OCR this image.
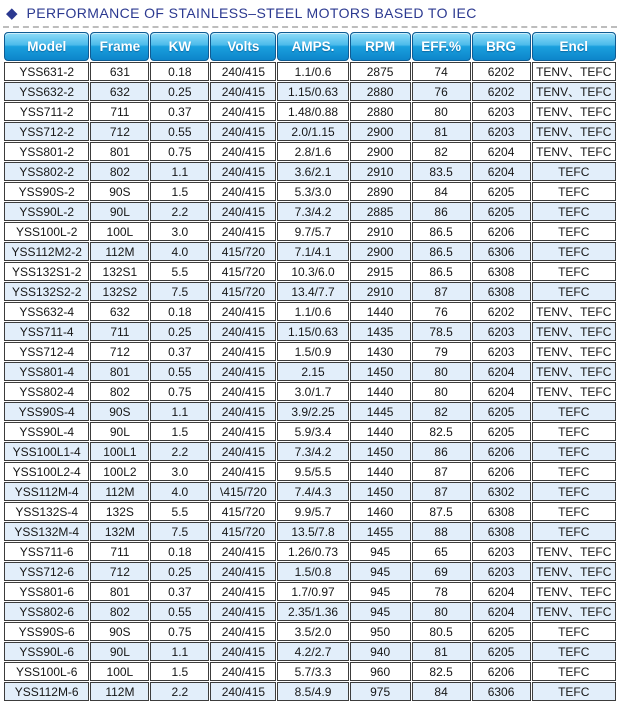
◆ PERFORMANCE OF STAINLESS–STEEL MOTORS BASED TO IEC
Model	Frame	KW	Volts	AMPS.	RPM	EFF.%	BRG	Encl
YSS631-2	631	0.18	240/415	1.1/0.6	2875	74	6202	TENV、TEFC
YSS632-2	632	0.25	240/415	1.15/0.63	2880	76	6202	TENV、TEFC
YSS711-2	711	0.37	240/415	1.48/0.88	2880	80	6203	TENV、TEFC
YSS712-2	712	0.55	240/415	2.0/1.15	2900	81	6203	TENV、TEFC
YSS801-2	801	0.75	240/415	2.8/1.6	2900	82	6204	TENV、TEFC
YSS802-2	802	1.1	240/415	3.6/2.1	2910	83.5	6204	TEFC
YSS90S-2	90S	1.5	240/415	5.3/3.0	2890	84	6205	TEFC
YSS90L-2	90L	2.2	240/415	7.3/4.2	2885	86	6205	TEFC
YSS100L-2	100L	3.0	240/415	9.7/5.7	2910	86.5	6206	TEFC
YSS112M2-2	112M	4.0	415/720	7.1/4.1	2900	86.5	6306	TEFC
YSS132S1-2	132S1	5.5	415/720	10.3/6.0	2915	86.5	6308	TEFC
YSS132S2-2	132S2	7.5	415/720	13.4/7.7	2910	87	6308	TEFC
YSS632-4	632	0.18	240/415	1.1/0.6	1440	76	6202	TENV、TEFC
YSS711-4	711	0.25	240/415	1.15/0.63	1435	78.5	6203	TENV、TEFC
YSS712-4	712	0.37	240/415	1.5/0.9	1430	79	6203	TENV、TEFC
YSS801-4	801	0.55	240/415	2.15	1450	80	6204	TENV、TEFC
YSS802-4	802	0.75	240/415	3.0/1.7	1440	80	6204	TENV、TEFC
YSS90S-4	90S	1.1	240/415	3.9/2.25	1445	82	6205	TEFC
YSS90L-4	90L	1.5	240/415	5.9/3.4	1440	82.5	6205	TEFC
YSS100L1-4	100L1	2.2	240/415	7.3/4.2	1450	86	6206	TEFC
YSS100L2-4	100L2	3.0	240/415	9.5/5.5	1440	87	6206	TEFC
YSS112M-4	112M	4.0	\415/720	7.4/4.3	1450	87	6302	TEFC
YSS132S-4	132S	5.5	415/720	9.9/5.7	1460	87.5	6308	TEFC
YSS132M-4	132M	7.5	415/720	13.5/7.8	1455	88	6308	TEFC
YSS711-6	711	0.18	240/415	1.26/0.73	945	65	6203	TENV、TEFC
YSS712-6	712	0.25	240/415	1.5/0.8	945	69	6203	TENV、TEFC
YSS801-6	801	0.37	240/415	1.7/0.97	945	78	6204	TENV、TEFC
YSS802-6	802	0.55	240/415	2.35/1.36	945	80	6204	TENV、TEFC
YSS90S-6	90S	0.75	240/415	3.5/2.0	950	80.5	6205	TEFC
YSS90L-6	90L	1.1	240/415	4.2/2.7	940	81	6205	TEFC
YSS100L-6	100L	1.5	240/415	5.7/3.3	960	82.5	6206	TEFC
YSS112M-6	112M	2.2	240/415	8.5/4.9	975	84	6306	TEFC
